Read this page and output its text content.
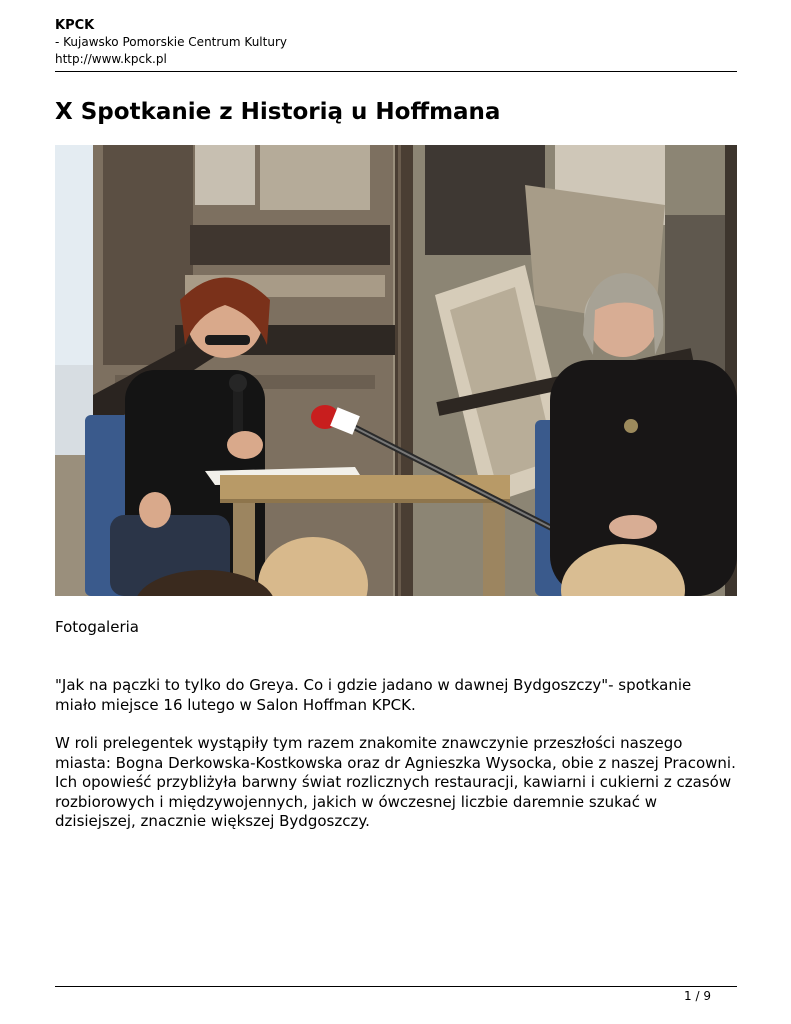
KPCK
- Kujawsko Pomorskie Centrum Kultury
http://www.kpck.pl
X Spotkanie z Historią u Hoffmana
Fotogaleria

"Jak na pączki to tylko do Greya. Co i gdzie jadano w dawnej Bydgoszczy"- spotkanie miało miejsce 16 lutego w Salon Hoffman KPCK.

W roli prelegentek wystąpiły tym razem znakomite znawczynie przeszłości naszego miasta: Bogna Derkowska-Kostkowska oraz dr Agnieszka Wysocka, obie z naszej Pracowni. Ich opowieść przybliżyła barwny świat rozlicznych restauracji, kawiarni i cukierni z czasów rozbiorowych i międzywojennych, jakich w ówczesnej liczbie daremnie szukać w dzisiejszej, znacznie większej Bydgoszczy.

1 / 9
